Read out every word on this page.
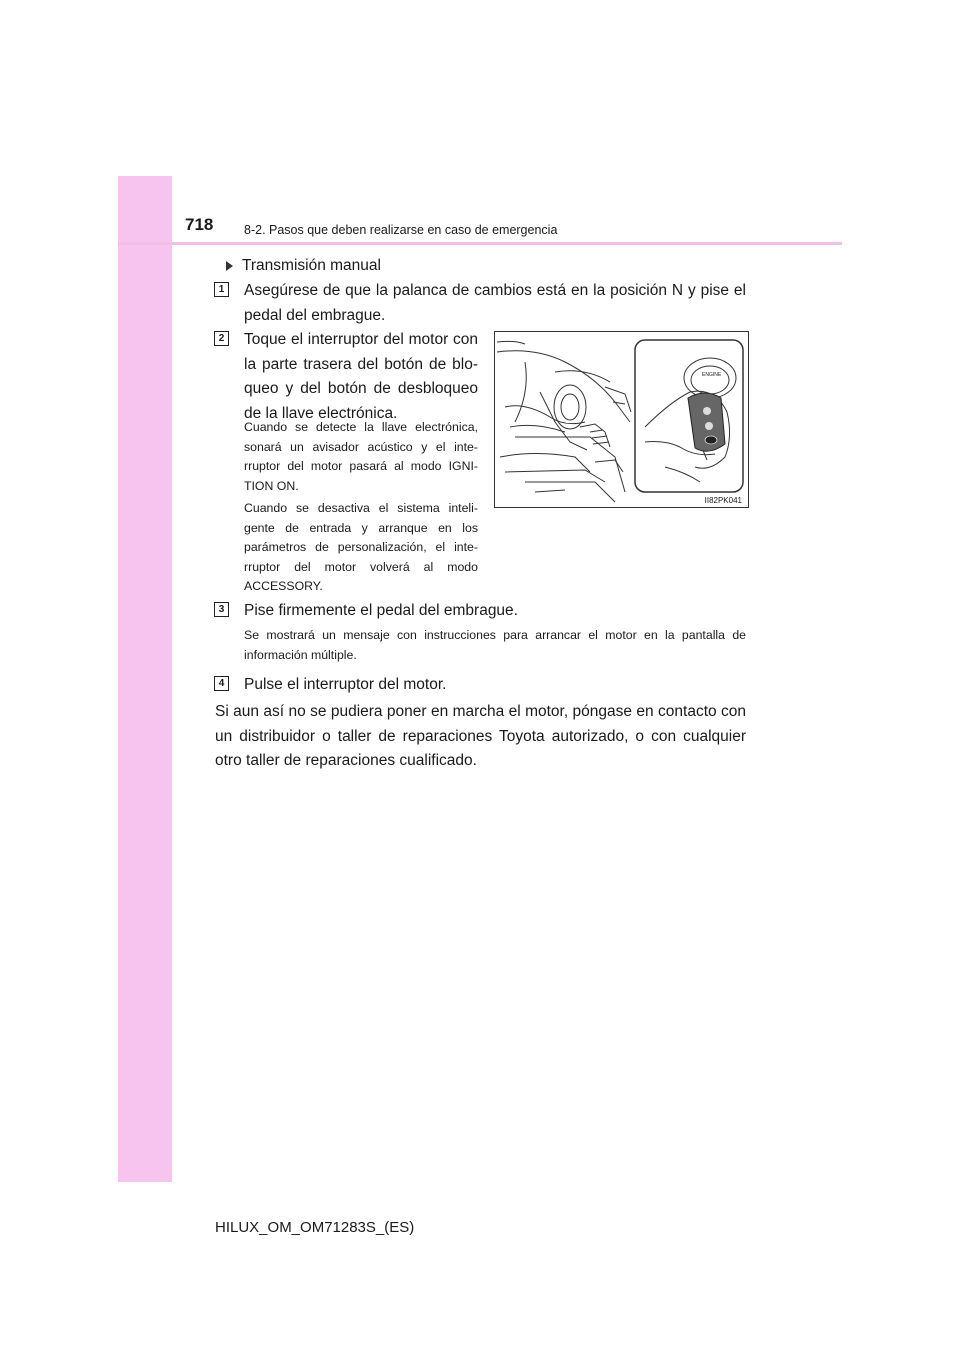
718 8-2. Pasos que deben realizarse en caso de emergencia
Transmisión manual
1	Asegúrese de que la palanca de cambios está en la posición N y pise el pedal del embrague.
2	Toque el interruptor del motor con la parte trasera del botón de blo-queo y del botón de desbloqueo de la llave electrónica.
Cuando se detecte la llave electrónica, sonará un avisador acústico y el inte-rruptor del motor pasará al modo IGNI-TION ON.
Cuando se desactiva el sistema inteli-gente de entrada y arranque en los parámetros de personalización, el inte-rruptor del motor volverá al modo ACCESSORY.
ENGINE
II82PK041
3	Pise firmemente el pedal del embrague.
Se mostrará un mensaje con instrucciones para arrancar el motor en la pantalla de información múltiple.
4	Pulse el interruptor del motor.
Si aun así no se pudiera poner en marcha el motor, póngase en contacto con un distribuidor o taller de reparaciones Toyota autorizado, o con cualquier otro taller de reparaciones cualificado.
HILUX_OM_OM71283S_(ES)
